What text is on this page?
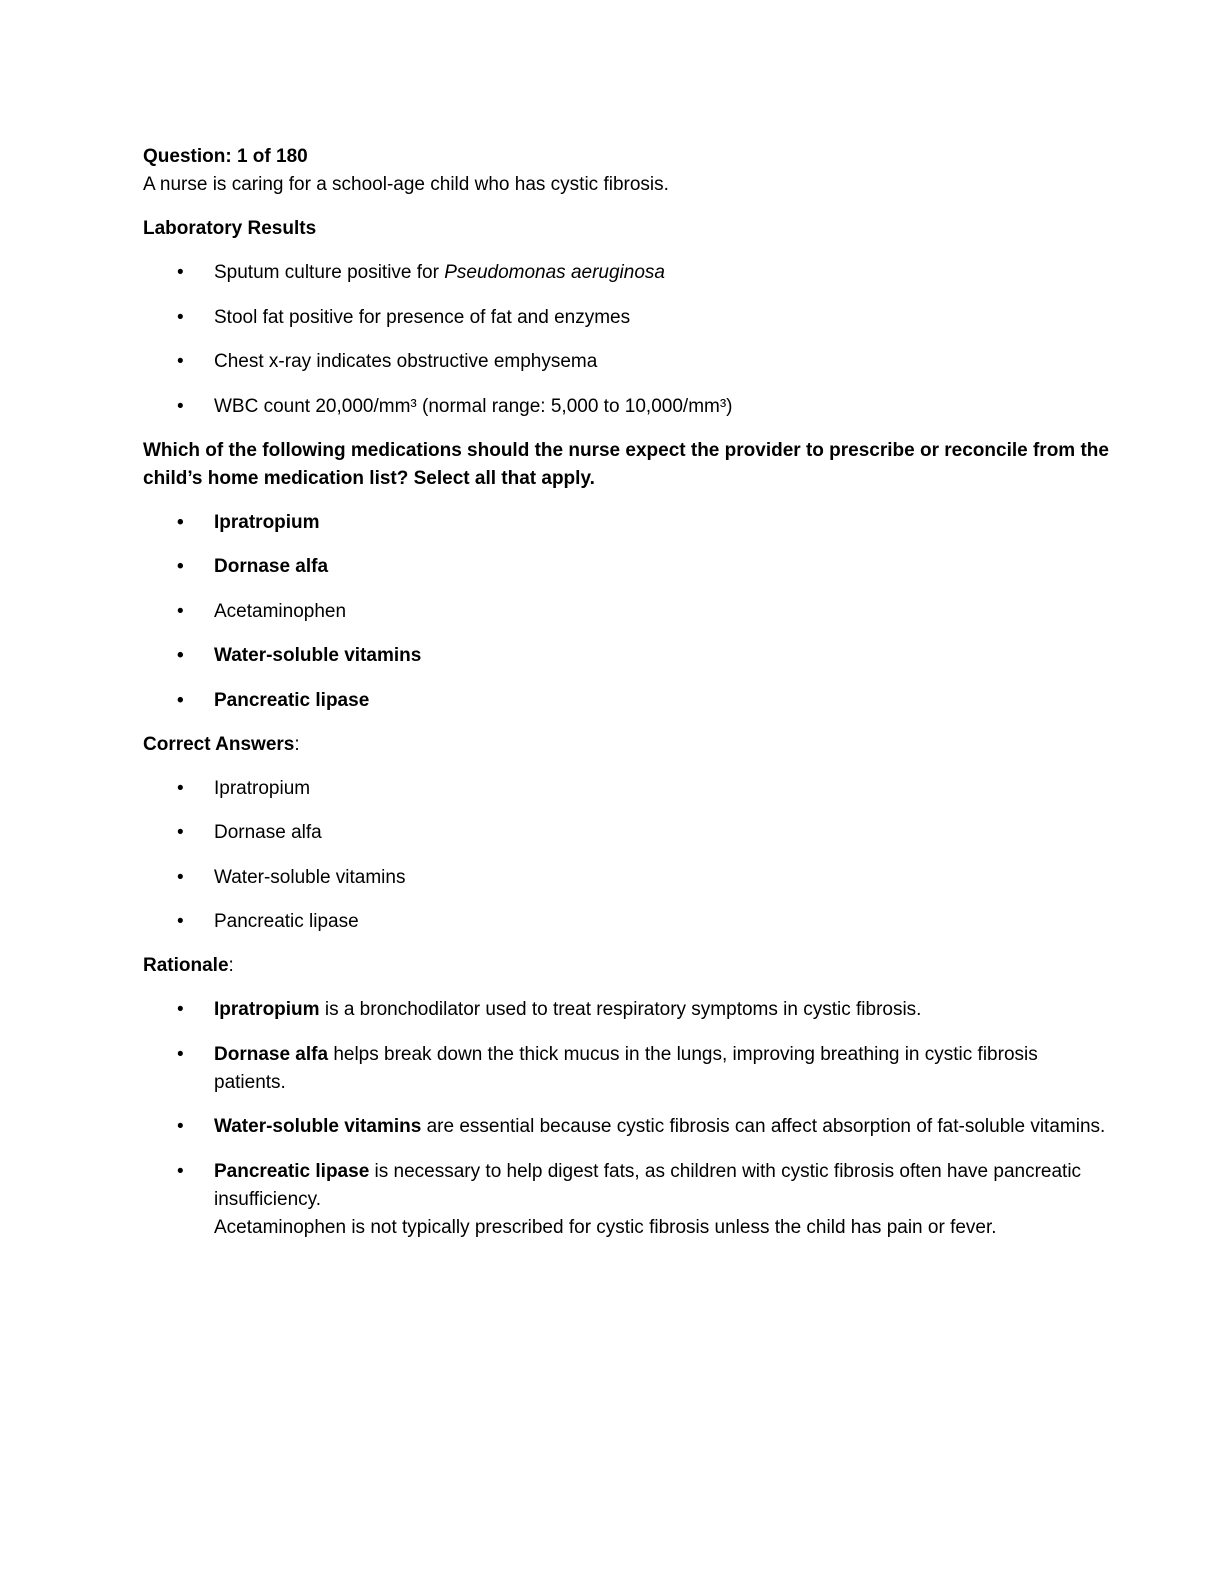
Question: 1 of 180

A nurse is caring for a school-age child who has cystic fibrosis.

Laboratory Results

• Sputum culture positive for Pseudomonas aeruginosa
• Stool fat positive for presence of fat and enzymes
• Chest x-ray indicates obstructive emphysema
• WBC count 20,000/mm³ (normal range: 5,000 to 10,000/mm³)
Which of the following medications should the nurse expect the provider to prescribe or reconcile from the
child’s home medication list? Select all that apply.
• Ipratropium
• Dornase alfa
• Acetaminophen
• Water-soluble vitamins
• Pancreatic lipase

Correct Answers:

• Ipratropium
• Dornase alfa
• Water-soluble vitamins
• Pancreatic lipase

Rationale:

• Ipratropium is a bronchodilator used to treat respiratory symptoms in cystic fibrosis.
• Dornase alfa helps break down the thick mucus in the lungs, improving breathing in cystic fibrosis
patients.
• Water-soluble vitamins are essential because cystic fibrosis can affect absorption of fat-soluble vitamins.
• Pancreatic lipase is necessary to help digest fats, as children with cystic fibrosis often have pancreatic
insufficiency.
Acetaminophen is not typically prescribed for cystic fibrosis unless the child has pain or fever.
